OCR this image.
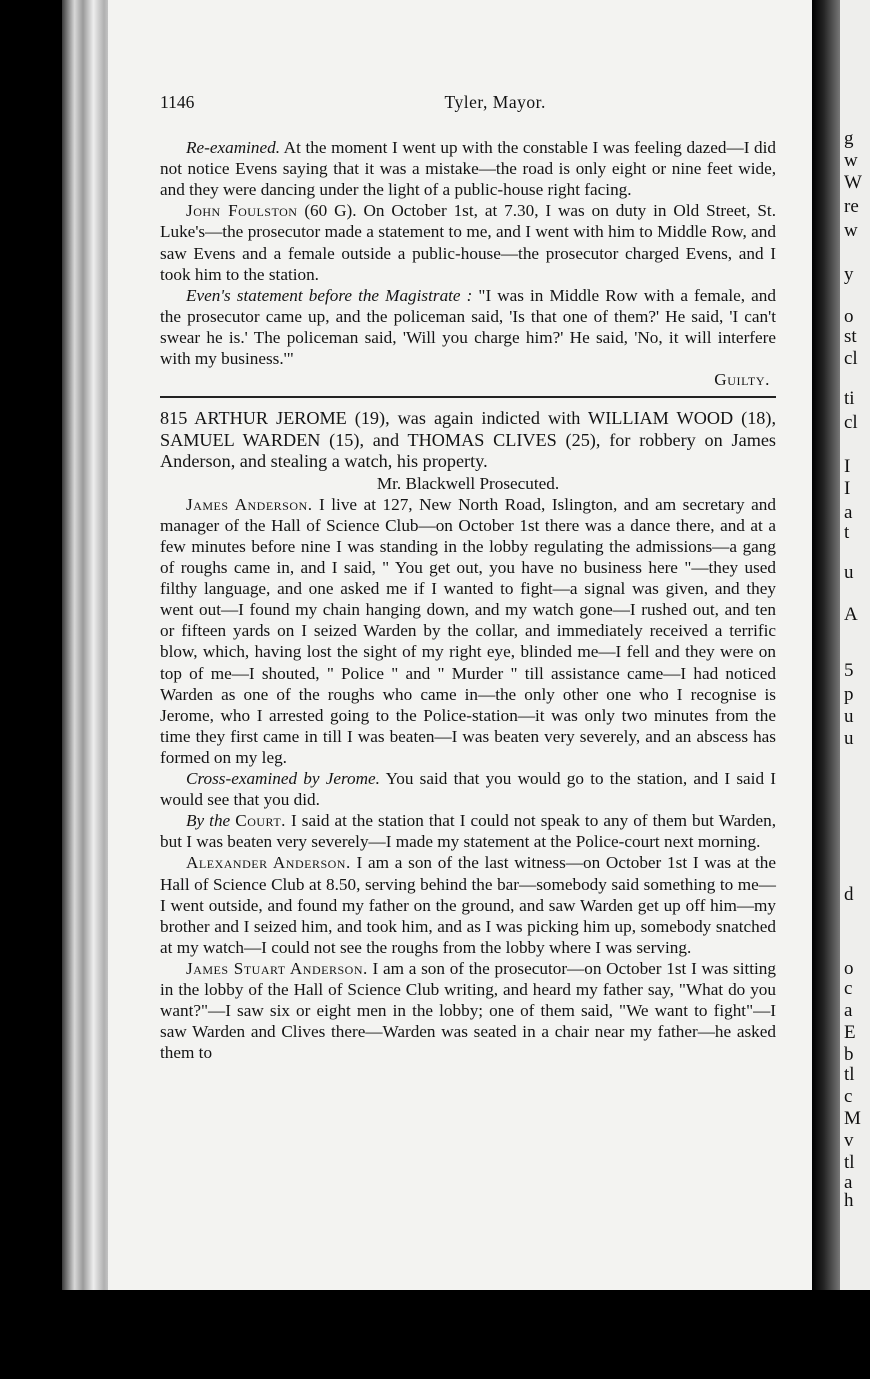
g
w
W
re
w
y
o
st
cl
ti
cl
I
I
a
t
u
A
5
p
u
u
d
o
c
a
E
b
tl
c
M
v
tl
a
h
1146	Tyler, Mayor.

Re-examined. At the moment I went up with the constable I was feeling dazed—I did not notice Evens saying that it was a mistake—the road is only eight or nine feet wide, and they were dancing under the light of a public-house right facing.

John Foulston (60 G). On October 1st, at 7.30, I was on duty in Old Street, St. Luke's—the prosecutor made a statement to me, and I went with him to Middle Row, and saw Evens and a female outside a public-house—the prosecutor charged Evens, and I took him to the station.

Even's statement before the Magistrate : "I was in Middle Row with a female, and the prosecutor came up, and the policeman said, 'Is that one of them?' He said, 'I can't swear he is.' The policeman said, 'Will you charge him?' He said, 'No, it will interfere with my business.'"

Guilty.

815 ARTHUR JEROME (19), was again indicted with WILLIAM WOOD (18), SAMUEL WARDEN (15), and THOMAS CLIVES (25), for robbery on James Anderson, and stealing a watch, his property.

Mr. Blackwell Prosecuted.

James Anderson. I live at 127, New North Road, Islington, and am secretary and manager of the Hall of Science Club—on October 1st there was a dance there, and at a few minutes before nine I was standing in the lobby regulating the admissions—a gang of roughs came in, and I said, " You get out, you have no business here "—they used filthy language, and one asked me if I wanted to fight—a signal was given, and they went out—I found my chain hanging down, and my watch gone—I rushed out, and ten or fifteen yards on I seized Warden by the collar, and immediately received a terrific blow, which, having lost the sight of my right eye, blinded me—I fell and they were on top of me—I shouted, " Police " and " Murder " till assistance came—I had noticed Warden as one of the roughs who came in—the only other one who I recognise is Jerome, who I arrested going to the Police-station—it was only two minutes from the time they first came in till I was beaten—I was beaten very severely, and an abscess has formed on my leg.

Cross-examined by Jerome. You said that you would go to the station, and I said I would see that you did.

By the Court. I said at the station that I could not speak to any of them but Warden, but I was beaten very severely—I made my statement at the Police-court next morning.

Alexander Anderson. I am a son of the last witness—on October 1st I was at the Hall of Science Club at 8.50, serving behind the bar—somebody said something to me—I went outside, and found my father on the ground, and saw Warden get up off him—my brother and I seized him, and took him, and as I was picking him up, somebody snatched at my watch—I could not see the roughs from the lobby where I was serving.

James Stuart Anderson. I am a son of the prosecutor—on October 1st I was sitting in the lobby of the Hall of Science Club writing, and heard my father say, "What do you want?"—I saw six or eight men in the lobby; one of them said, "We want to fight"—I saw Warden and Clives there—Warden was seated in a chair near my father—he asked them to
